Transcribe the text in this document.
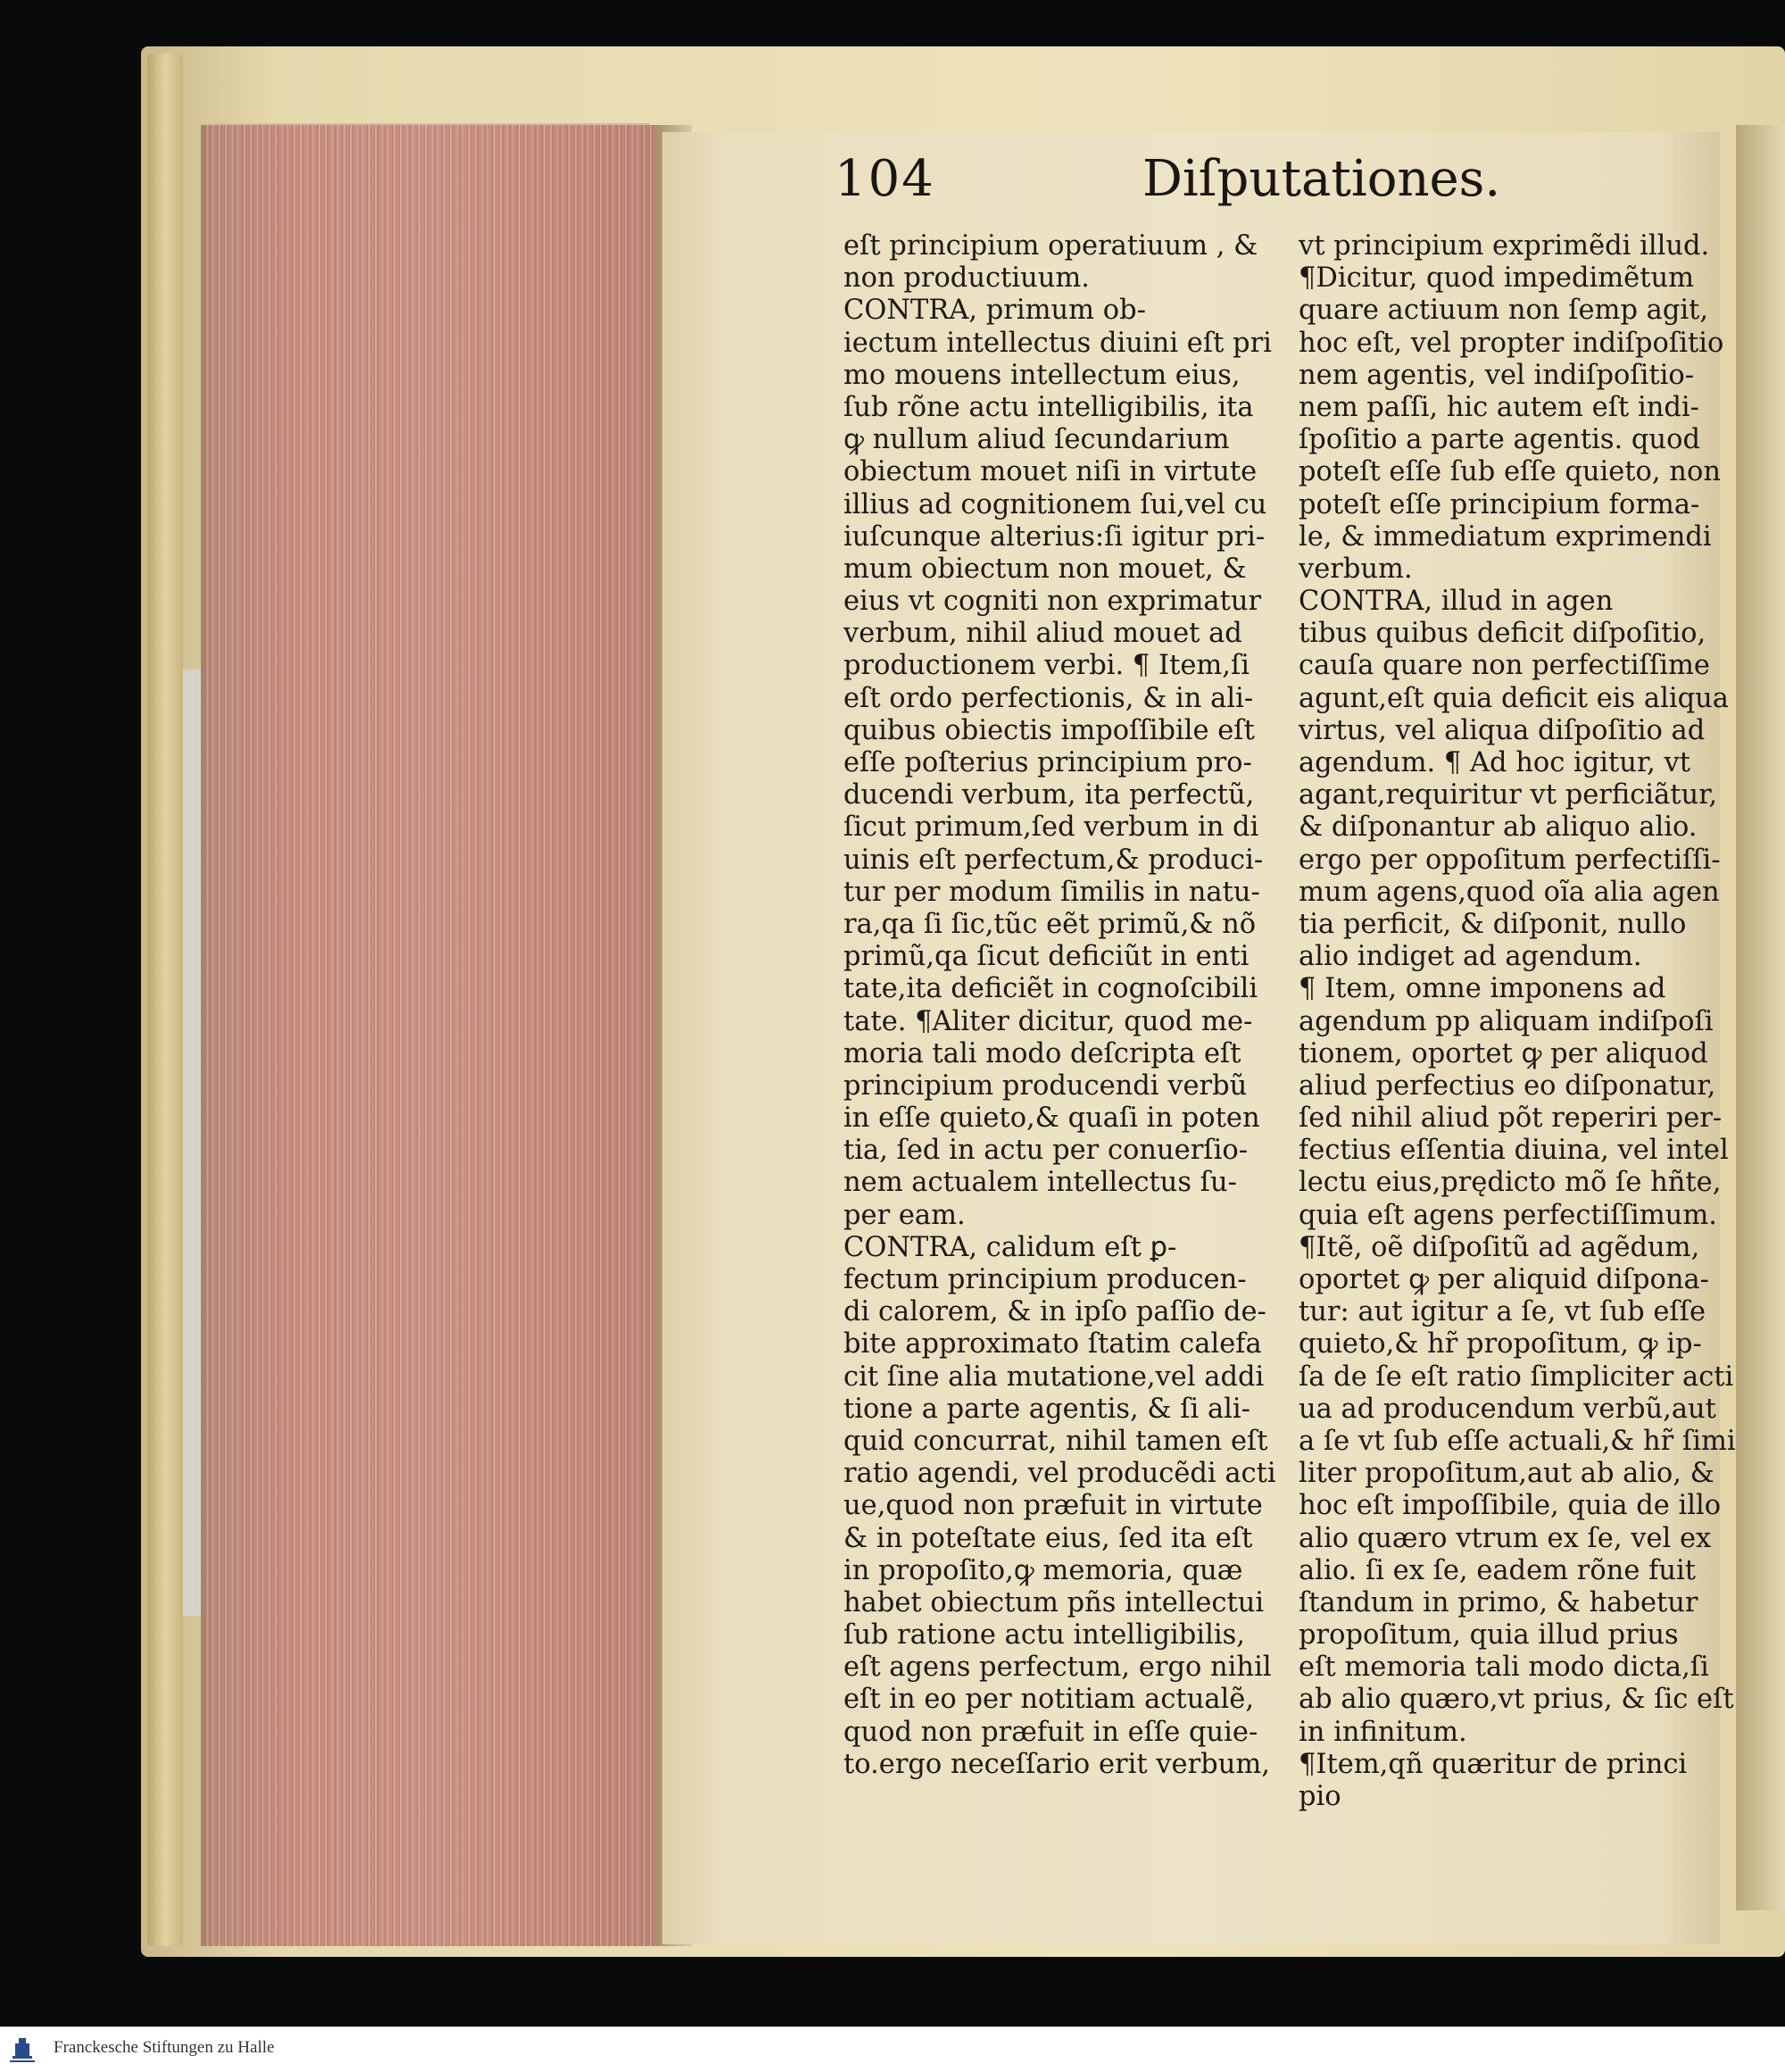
104	Diſputationes.
eſt principium operatiuum , &
non productiuum.
CONTRA, primum ob-
iectum intellectus diuini eſt pri
mo mouens intellectum eius,
ſub rõne actu intelligibilis, ita
ꝙ nullum aliud ſecundarium
obiectum mouet niſi in virtute
illius ad cognitionem ſui,vel cu
iuſcunque alterius:ſi igitur pri-
mum obiectum non mouet, &
eius vt cogniti non exprimatur
verbum, nihil aliud mouet ad
productionem verbi. ¶ Item,ſi
eſt ordo perfectionis, & in ali-
quibus obiectis impoſſibile eſt
eſſe poſterius principium pro-
ducendi verbum, ita perfectũ,
ſicut primum,ſed verbum in di
uinis eſt perfectum,& produci-
tur per modum ſimilis in natu-
ra,qa ſi ſic,tũc eẽt primũ,& nõ
primũ,qa ſicut deficiũt in enti
tate,ita deficiẽt in cognoſcibili
tate. ¶Aliter dicitur, quod me-
moria tali modo deſcripta eſt
principium producendi verbũ
in eſſe quieto,& quaſi in poten
tia, ſed in actu per conuerſio-
nem actualem intellectus ſu-
per eam.
CONTRA, calidum eſt ꝑ-
fectum principium producen-
di calorem, & in ipſo paſſio de-
bite approximato ſtatim calefa
cit ſine alia mutatione,vel addi
tione a parte agentis, & ſi ali-
quid concurrat, nihil tamen eſt
ratio agendi, vel producẽdi acti
ue,quod non præfuit in virtute
& in poteſtate eius, ſed ita eſt
in propoſito,ꝙ memoria, quæ
habet obiectum pñs intellectui
ſub ratione actu intelligibilis,
eſt agens perfectum, ergo nihil
eſt in eo per notitiam actualẽ,
quod non præfuit in eſſe quie-
to.ergo neceſſario erit verbum,
vt principium exprimẽdi illud.
¶Dicitur, quod impedimẽtum
quare actiuum non ſemp agit,
hoc eſt, vel propter indiſpoſitio
nem agentis, vel indiſpoſitio-
nem paſſi, hic autem eſt indi-
ſpoſitio a parte agentis. quod
poteſt eſſe ſub eſſe quieto, non
poteſt eſſe principium forma-
le, & immediatum exprimendi
verbum.
CONTRA, illud in agen
tibus quibus deficit diſpoſitio,
cauſa quare non perfectiſſime
agunt,eſt quia deficit eis aliqua
virtus, vel aliqua diſpoſitio ad
agendum. ¶ Ad hoc igitur, vt
agant,requiritur vt perficiãtur,
& diſponantur ab aliquo alio.
ergo per oppoſitum perfectiſſi-
mum agens,quod oĩa alia agen
tia perficit, & diſponit, nullo
alio indiget ad agendum.
¶ Item, omne imponens ad
agendum pp aliquam indiſpoſi
tionem, oportet ꝙ per aliquod
aliud perfectius eo diſponatur,
ſed nihil aliud põt reperiri per-
fectius eſſentia diuina, vel intel
lectu eius,prędicto mõ ſe hñte,
quia eſt agens perfectiſſimum.
¶Itẽ, oẽ diſpoſitũ ad agẽdum,
oportet ꝙ per aliquid diſpona-
tur: aut igitur a ſe, vt ſub eſſe
quieto,& hr̃ propoſitum, ꝙ ip-
ſa de ſe eſt ratio ſimpliciter acti
ua ad producendum verbũ,aut
a ſe vt ſub eſſe actuali,& hr̃ ſimi
liter propoſitum,aut ab alio, &
hoc eſt impoſſibile, quia de illo
alio quæro vtrum ex ſe, vel ex
alio. ſi ex ſe, eadem rõne fuit
ſtandum in primo, & habetur
propoſitum, quia illud prius
eſt memoria tali modo dicta,ſi
ab alio quæro,vt prius, & ſic eſt
in infinitum.
¶Item,qñ quæritur de princi
pio
Franckesche Stiftungen zu Halle
